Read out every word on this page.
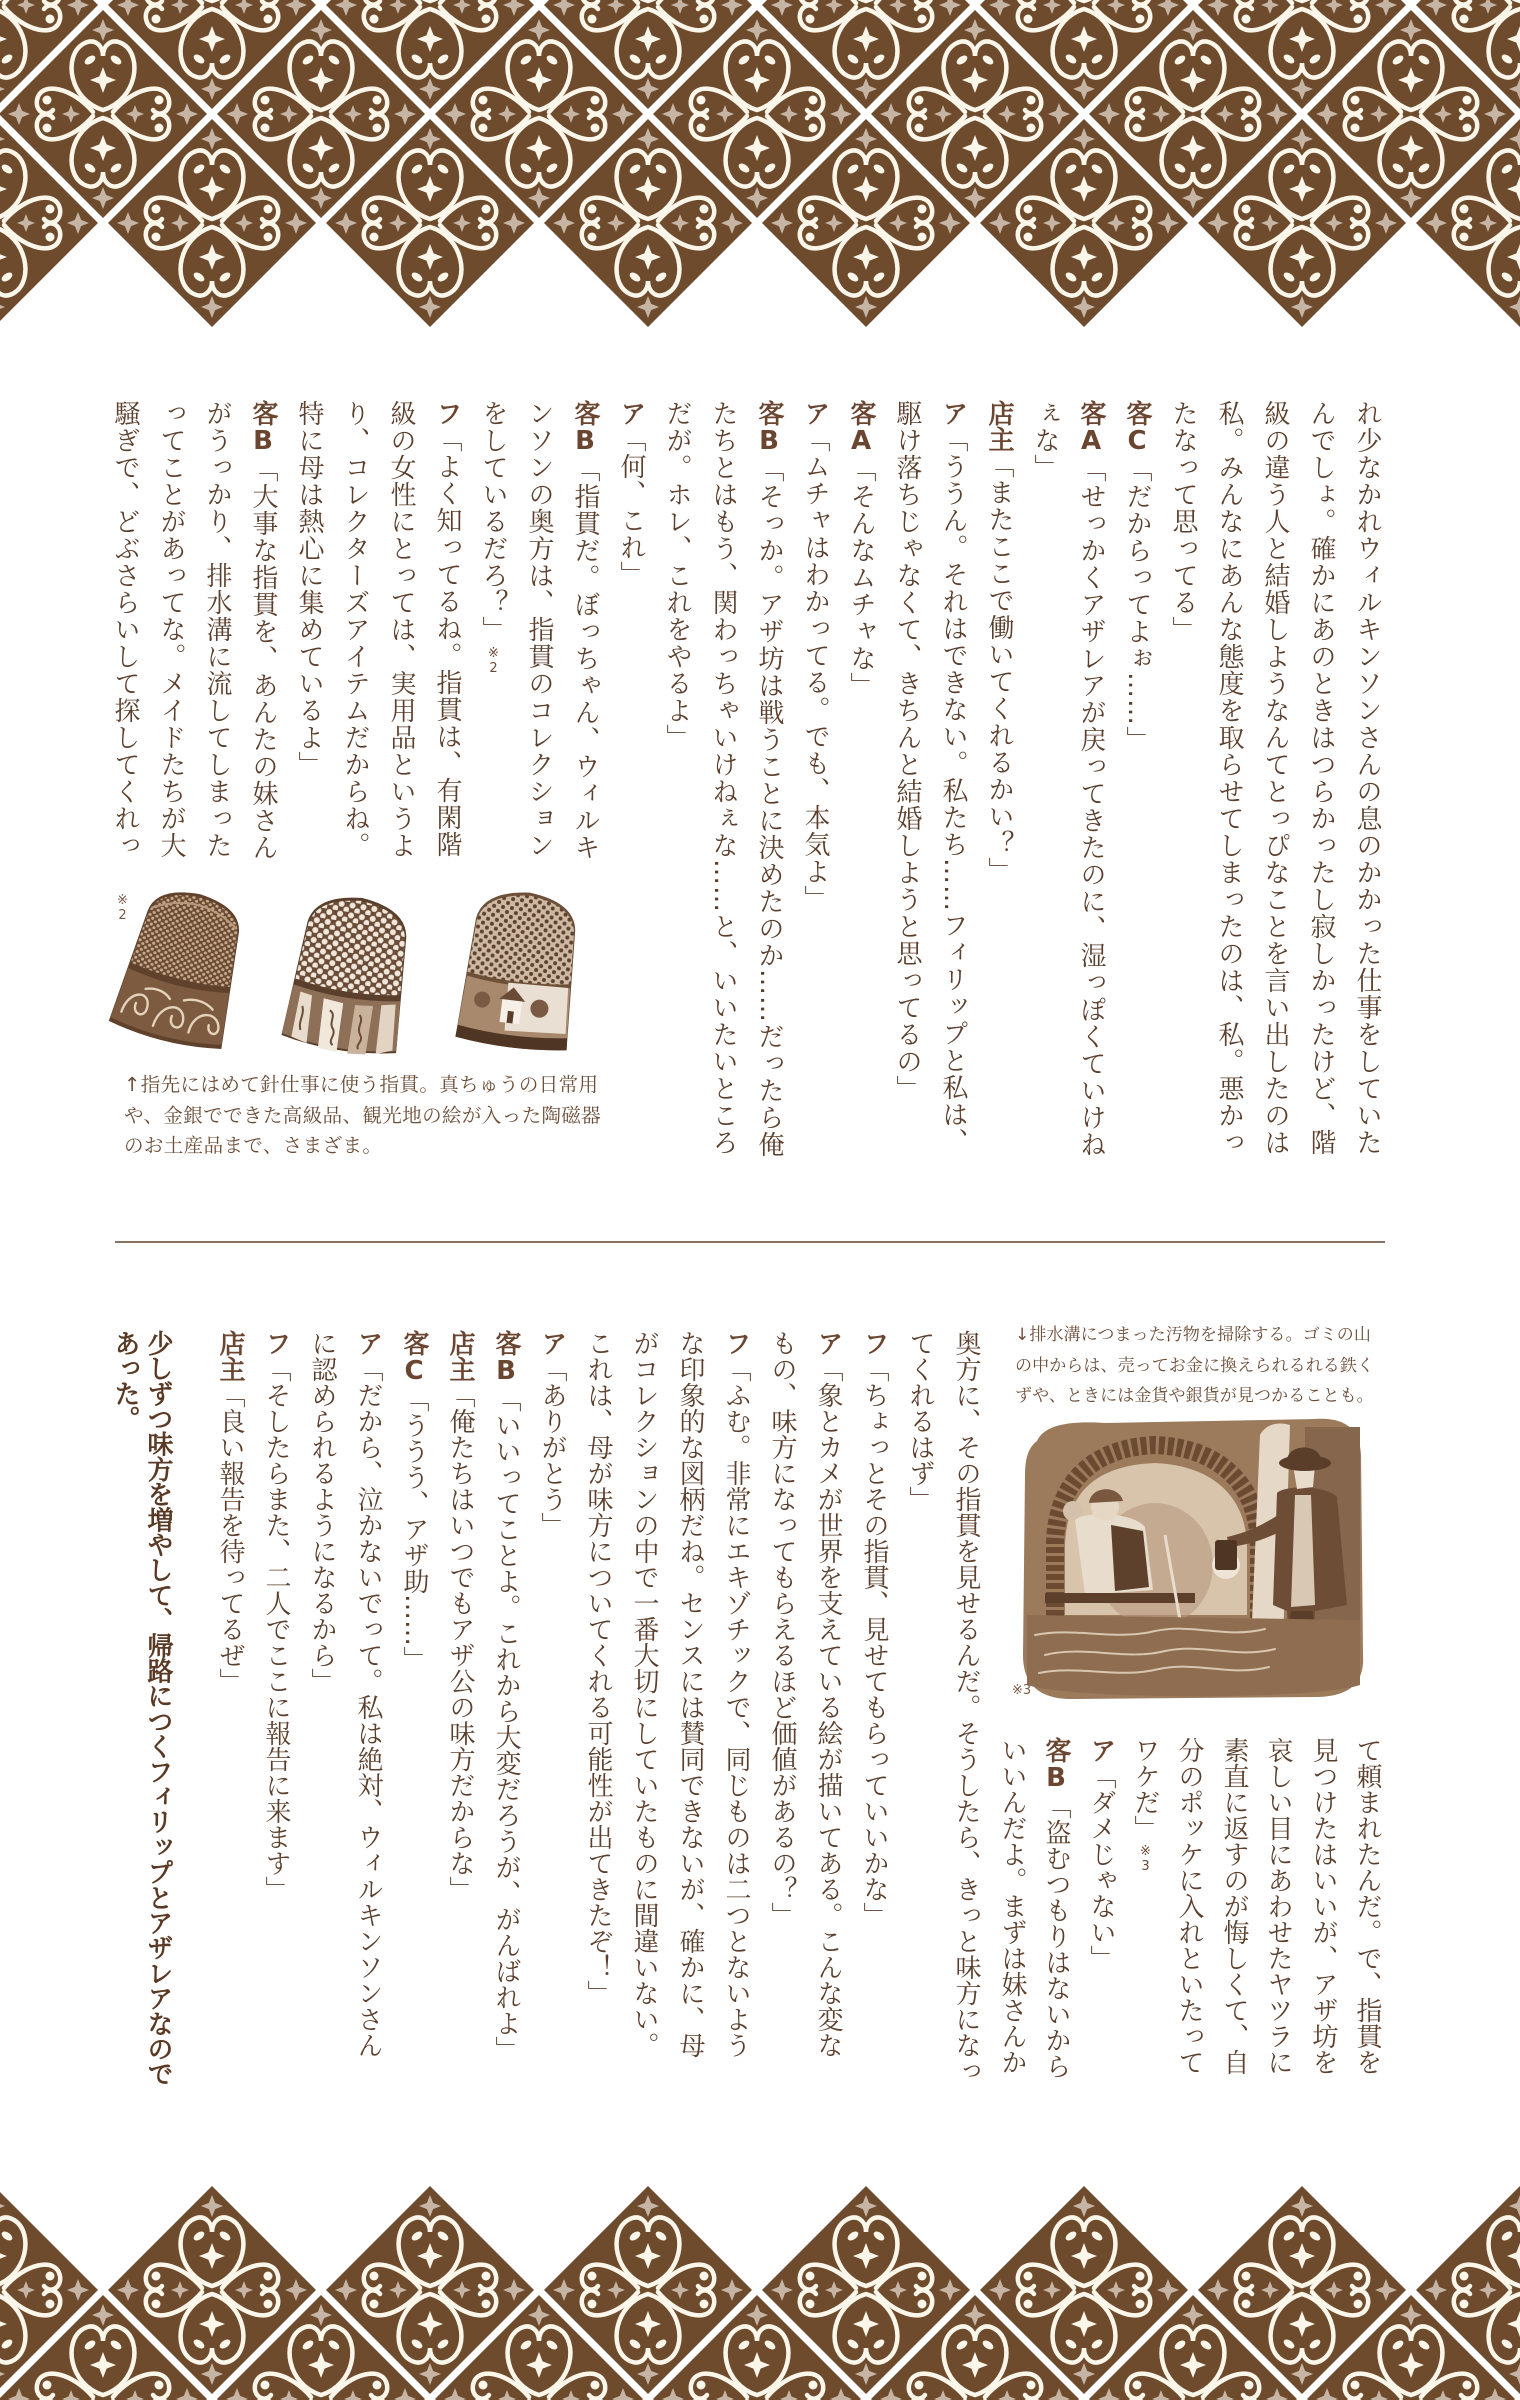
れ少なかれウィルキンソンさんの息のかかった仕事をしていた
んでしょ。確かにあのときはつらかったし寂しかったけど、階
級の違う人と結婚しようなんてとっぴなことを言い出したのは
私。みんなにあんな態度を取らせてしまったのは、私。悪かっ
たなって思ってる」
客C「だからってよぉ……」
客A「せっかくアザレアが戻ってきたのに、湿っぽくていけね
ぇな」
店主「またここで働いてくれるかい？」
ア「ううん。それはできない。私たち……フィリップと私は、
駆け落ちじゃなくて、きちんと結婚しようと思ってるの」
客A「そんなムチャな」
ア「ムチャはわかってる。でも、本気よ」
客B「そっか。アザ坊は戦うことに決めたのか……だったら俺
たちとはもう、関わっちゃいけねぇな……と、いいたいところ
だが。ホレ、これをやるよ」
ア「何、これ」
客B「指貫だ。ぼっちゃん、ウィルキ
ンソンの奥方は、指貫のコレクション
をしているだろ？」※2
フ「よく知ってるね。指貫は、有閑階
級の女性にとっては、実用品というよ
り、コレクターズアイテムだからね。
特に母は熱心に集めているよ」
客B「大事な指貫を、あんたの妹さん
がうっかり、排水溝に流してしまった
ってことがあってな。メイドたちが大
騒ぎで、どぶさらいして探してくれっ
※2
↑指先にはめて針仕事に使う指貫。真ちゅうの日常用
や、金銀でできた高級品、観光地の絵が入った陶磁器
のお土産品まで、さまざま。
↓排水溝につまった汚物を掃除する。ゴミの山
の中からは、売ってお金に換えられるれる鉄く
ずや、ときには金貨や銀貨が見つかることも。
※3
て頼まれたんだ。で、指貫を
見つけたはいいが、アザ坊を
哀しい目にあわせたヤツラに
素直に返すのが悔しくて、自
分のポッケに入れといたって
ワケだ」※3
ア「ダメじゃない」
客B「盗むつもりはないから
いいんだよ。まずは妹さんか
奥方に、その指貫を見せるんだ。そうしたら、きっと味方になっ
てくれるはず」
フ「ちょっとその指貫、見せてもらっていいかな」
ア「象とカメが世界を支えている絵が描いてある。こんな変な
もの、味方になってもらえるほど価値があるの？」
フ「ふむ。非常にエキゾチックで、同じものは二つとないよう
な印象的な図柄だね。センスには賛同できないが、確かに、母
がコレクションの中で一番大切にしていたものに間違いない。
これは、母が味方についてくれる可能性が出てきたぞ！」
ア「ありがとう」
客B「いいってことよ。これから大変だろうが、がんばれよ」
店主「俺たちはいつでもアザ公の味方だからな」
客C「ううう、アザ助……」
ア「だから、泣かないでって。私は絶対、ウィルキンソンさん
に認められるようになるから」
フ「そしたらまた、二人でここに報告に来ます」
店主「良い報告を待ってるぜ」
少しずつ味方を増やして、帰路につくフィリップとアザレアなので
あった。
